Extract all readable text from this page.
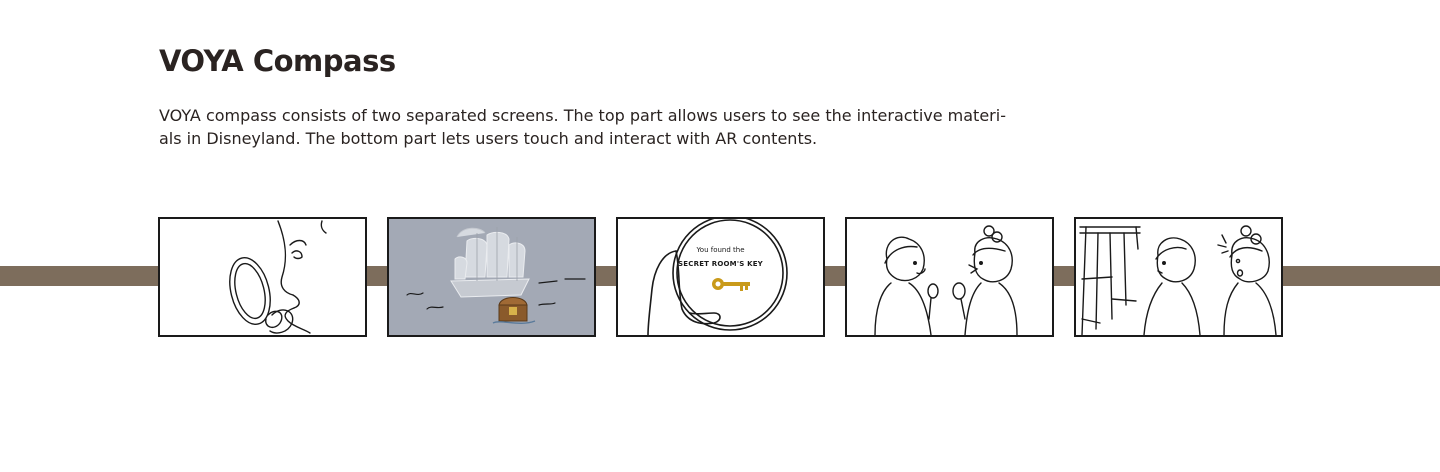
VOYA Compass

VOYA compass consists of two separated screens. The top part allows users to see the interactive materi-
als in Disneyland. The bottom part lets users touch and interact with AR contents.

You found the
SECRET ROOM'S KEY
